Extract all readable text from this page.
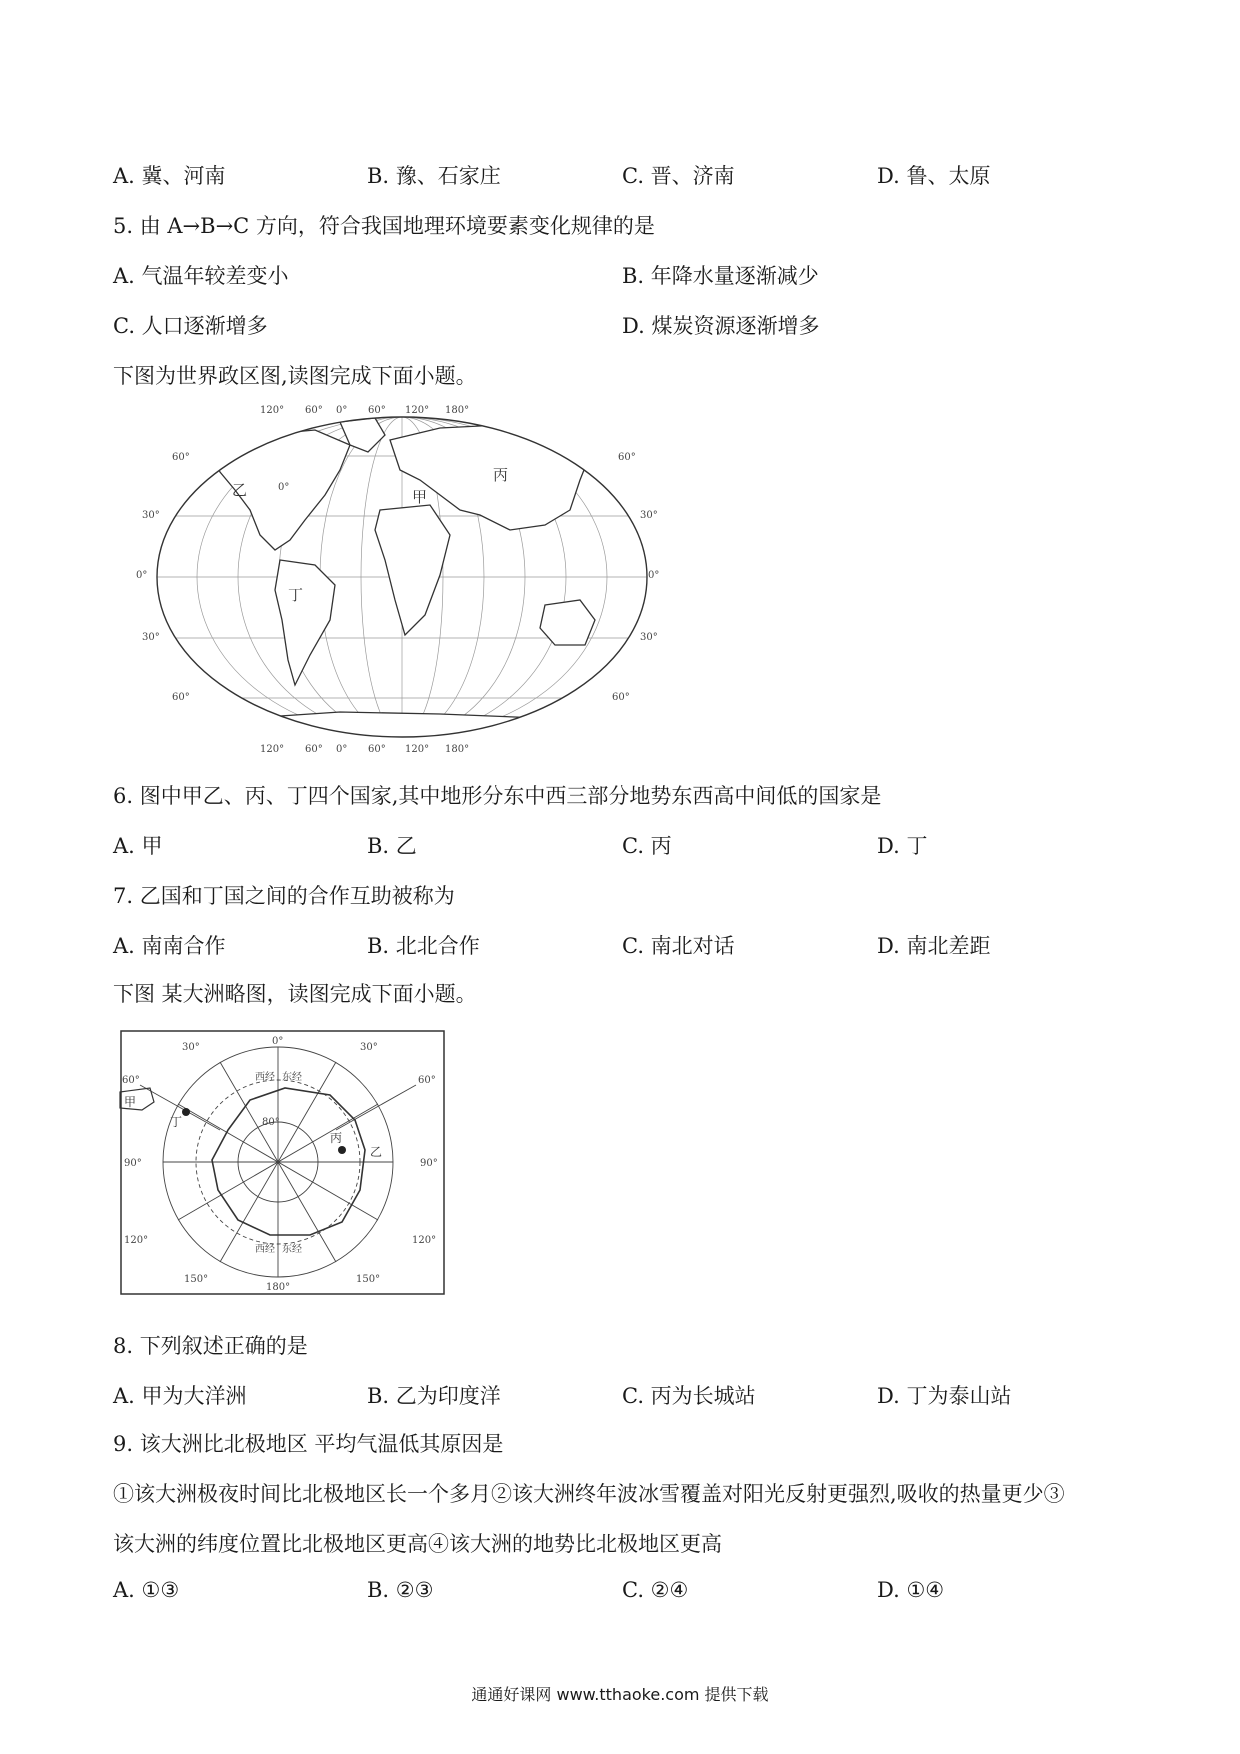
A. 冀、河南	B. 豫、石家庄	C. 晋、济南	D. 鲁、太原
5. 由 A→B→C 方向，符合我国地理环境要素变化规律的是
A. 气温年较差变小	B. 年降水量逐渐减少
C. 人口逐渐增多	D. 煤炭资源逐渐增多
下图为世界政区图,读图完成下面小题。
120° 60° 0° 60° 120° 180°
120° 60° 0° 60° 120° 180°
60°
30°
0°
30°
60°
60°
30°
0°
30°
60°
0°
乙	甲
丙
丁
6. 图中甲乙、丙、丁四个国家,其中地形分东中西三部分地势东西高中间低的国家是
A. 甲	B. 乙	C. 丙	D. 丁
7. 乙国和丁国之间的合作互助被称为
A. 南南合作	B. 北北合作	C. 南北对话	D. 南北差距
下图 某大洲略图，读图完成下面小题。
0°
30°	30°
60°	60°
90°	90°
120°	120°
150°	150°
180°
80°
西经 东经
西经 东经
甲
丁
丙
乙
8. 下列叙述正确的是
A. 甲为大洋洲	B. 乙为印度洋	C. 丙为长城站	D. 丁为泰山站
9. 该大洲比北极地区 平均气温低其原因是
①该大洲极夜时间比北极地区长一个多月②该大洲终年波冰雪覆盖对阳光反射更强烈,吸收的热量更少③
该大洲的纬度位置比北极地区更高④该大洲的地势比北极地区更高
A. ①③	B. ②③	C. ②④	D. ①④
通通好课网 www.tthaoke.com 提供下载
